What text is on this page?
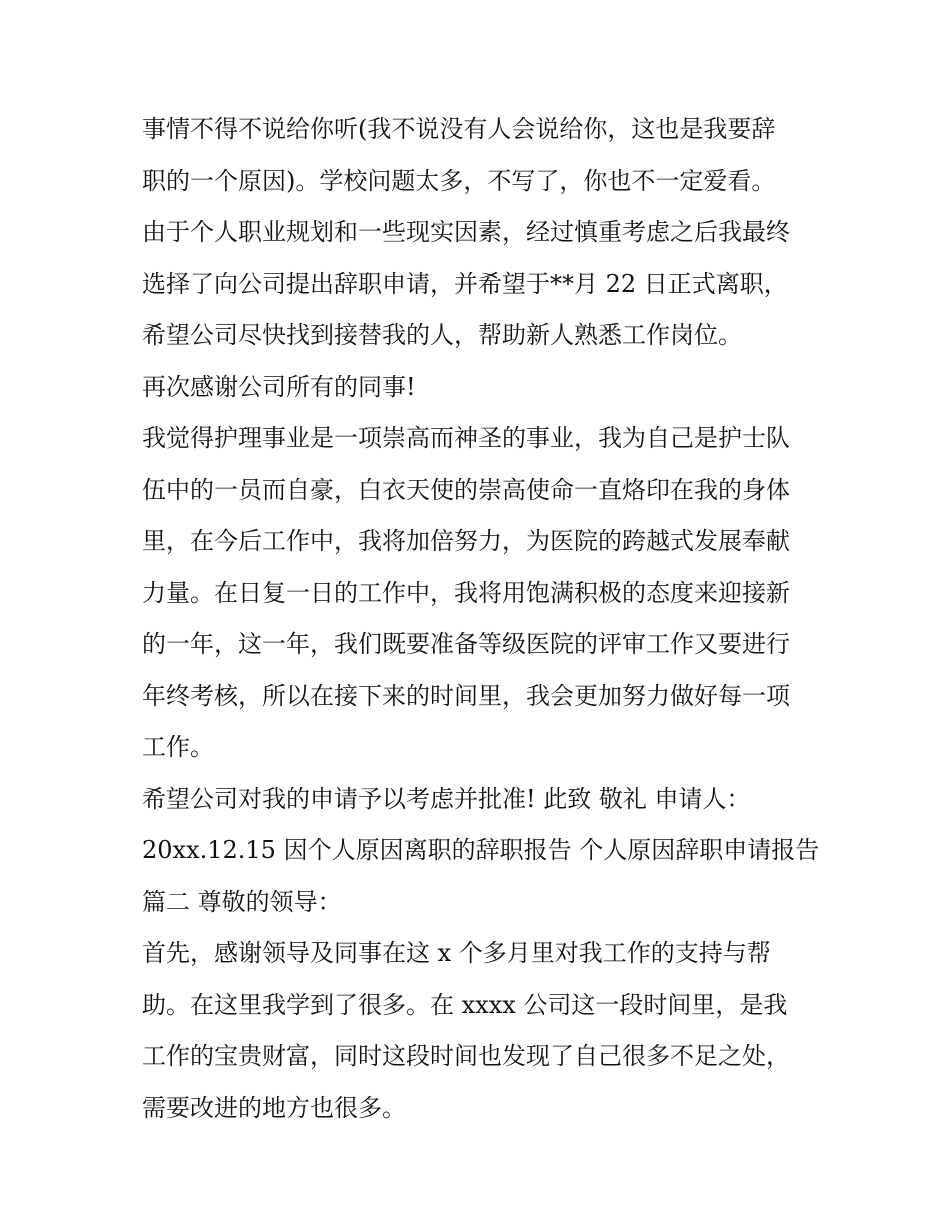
事情不得不说给你听(我不说没有人会说给你，这也是我要辞
职的一个原因)。学校问题太多，不写了，你也不一定爱看。
由于个人职业规划和一些现实因素，经过慎重考虑之后我最终
选择了向公司提出辞职申请，并希望于**月 22 日正式离职，
希望公司尽快找到接替我的人，帮助新人熟悉工作岗位。
再次感谢公司所有的同事!
我觉得护理事业是一项崇高而神圣的事业，我为自己是护士队
伍中的一员而自豪，白衣天使的崇高使命一直烙印在我的身体
里，在今后工作中，我将加倍努力，为医院的跨越式发展奉献
力量。在日复一日的工作中，我将用饱满积极的态度来迎接新
的一年，这一年，我们既要准备等级医院的评审工作又要进行
年终考核，所以在接下来的时间里，我会更加努力做好每一项
工作。
希望公司对我的申请予以考虑并批准! 此致 敬礼 申请人：
20xx.12.15 因个人原因离职的辞职报告 个人原因辞职申请报告
篇二 尊敬的领导：
首先，感谢领导及同事在这 x 个多月里对我工作的支持与帮
助。在这里我学到了很多。在 xxxx 公司这一段时间里，是我
工作的宝贵财富，同时这段时间也发现了自己很多不足之处，
需要改进的地方也很多。
